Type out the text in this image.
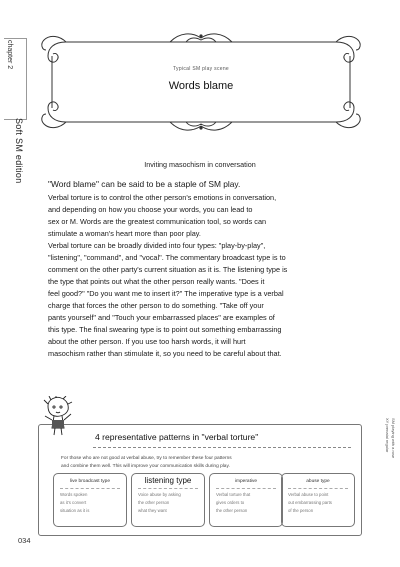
chapter 2
Soft SM edition
Typical SM play scene
Words blame
Inviting masochism in conversation

"Word blame" can be said to be a staple of SM play.

Verbal torture is to control the other person's emotions in conversation,
and depending on how you choose your words, you can lead to
sex or M. Words are the greatest communication tool, so words can
stimulate a woman's heart more than poor play.

Verbal torture can be broadly divided into four types: "play-by-play",
"listening", "command", and "vocal". The commentary broadcast type is to
comment on the other party's current situation as it is. The listening type is
the type that points out what the other person really wants. "Does it
feel good?" "Do you want me to insert it?" The imperative type is a verbal
charge that forces the other person to do something. "Take off your
pants yourself" and "Touch your embarrassed places" are examples of
this type. The final swearing type is to point out something embarrassing
about the other person. If you use too harsh words, it will hurt
masochism rather than stimulate it, so you need to be careful about that.

4 representative patterns in "verbal torture"
For those who are not good at verbal abuse, try to remember these four patterns
and combine them well. This will improve your communication skills during play.
live broadcast type
Words spoken
as it's convert
situation as it is
listening type
Voice abuse by asking
the other person
what they want
imperative
Verbal torture that
gives orders to
the other person
abuse type
Verbal abuse to point
out embarrassing parts
of the person
XY prenatal regular SM playing with a rose
034
